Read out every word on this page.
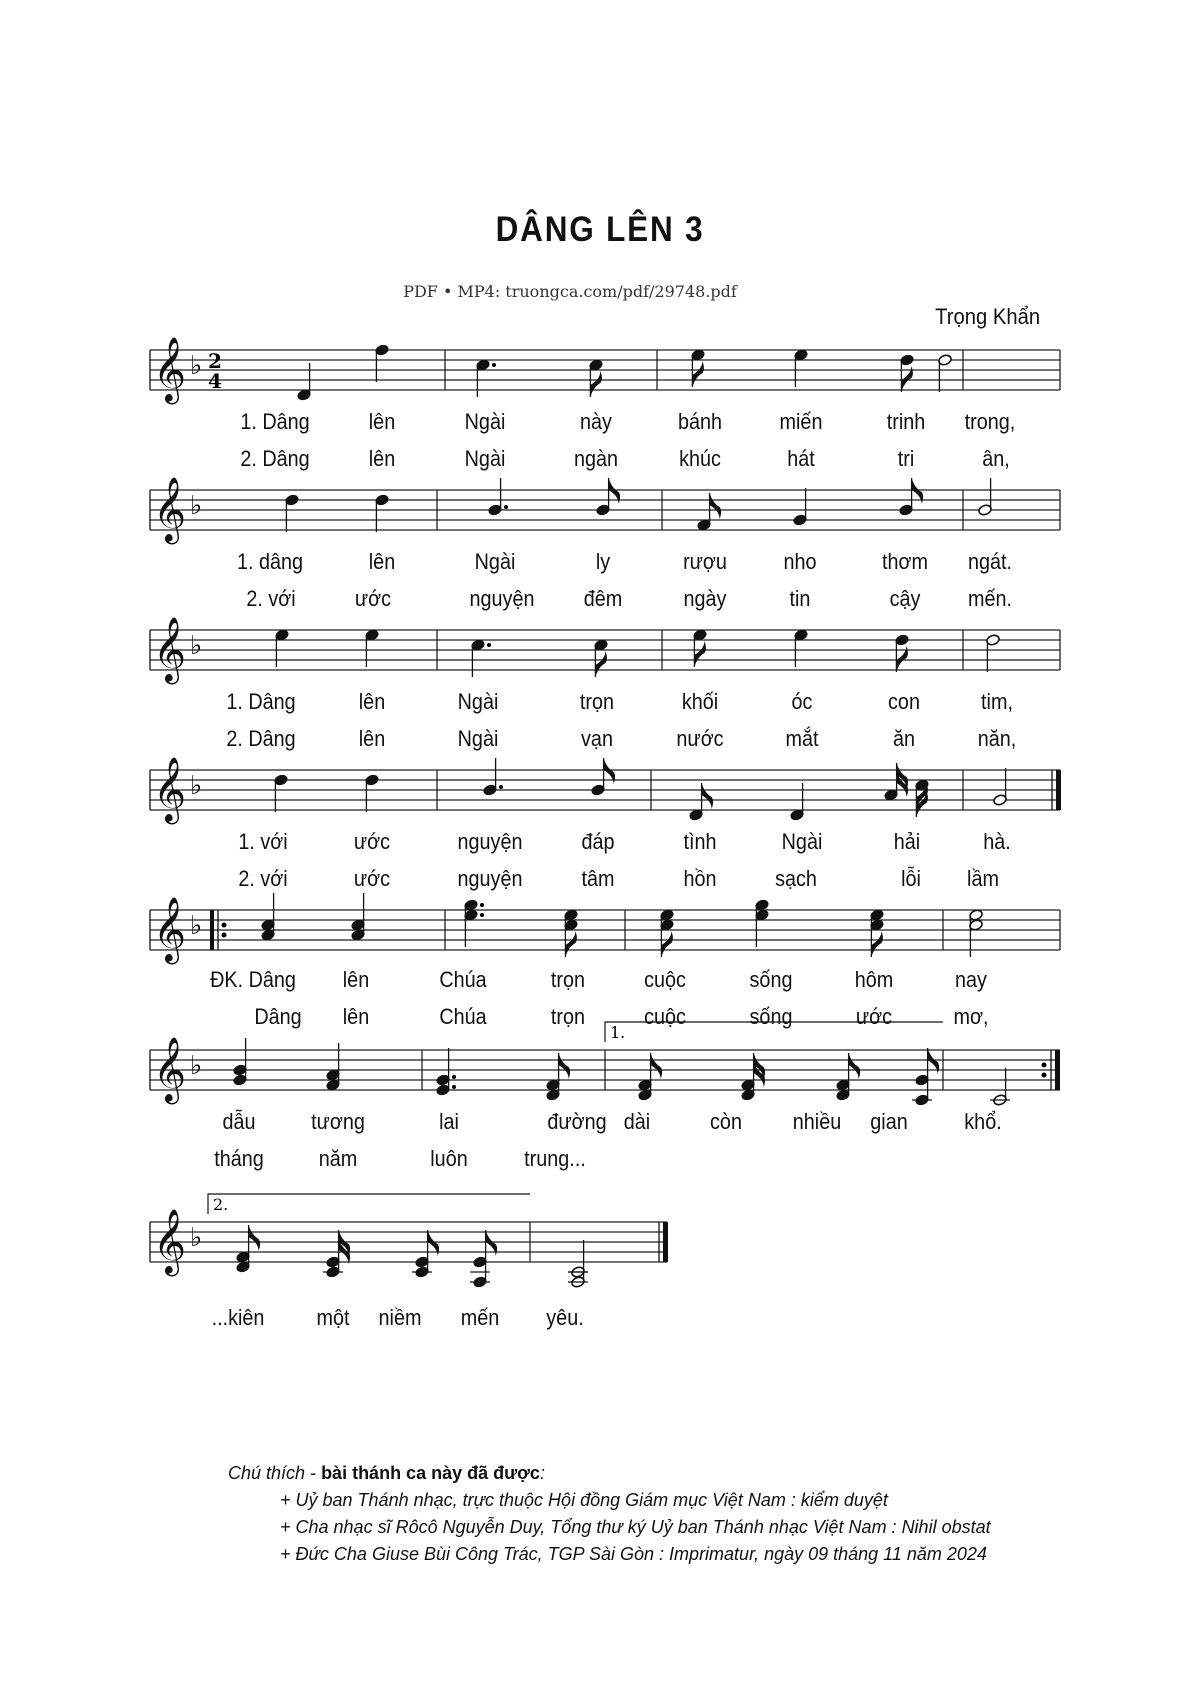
DÂNG LÊN 3
PDF • MP4: truongca.com/pdf/29748.pdf
Trọng Khẩn
𝄞 ♭ 2
4
𝄞 ♭
𝄞 ♭
𝄞 ♭
𝄞 ♭
𝄞 ♭
1.
𝄞 ♭
2.
1. Dâng	lên	Ngài	này	bánh	miến	trinh trong,
2. Dâng	lên	Ngài	ngàn	khúc	hát	tri	ân,
1. dâng	lên	Ngài	ly	rượu	nho	thơm ngát.
2. với	ước	nguyện đêm	ngày	tin	cậy mến.
1. Dâng	lên	Ngài	trọn	khối	óc	con	tim,
2. Dâng	lên	Ngài	vạn	nước	mắt	ăn	năn,
1. với	ước	nguyện	đáp	tình	Ngài	hải	hà.
2. với	ước	nguyện	tâm	hồn	sạch	lỗi lầm
ĐK. Dâng lên	Chúa	trọn	cuộc	sống	hôm	nay
Dâng lên	Chúa	trọn	cuộc	sống	ước	mơ,
dẫu	tương	lai	đường dài	còn nhiều gian	khổ.
tháng năm	luôn	trung...
...kiên một niềm mến yêu.
Chú thích - bài thánh ca này đã được:
+ Uỷ ban Thánh nhạc, trực thuộc Hội đồng Giám mục Việt Nam : kiểm duyệt
+ Cha nhạc sĩ Rôcô Nguyễn Duy, Tổng thư ký Uỷ ban Thánh nhạc Việt Nam : Nihil obstat
+ Đức Cha Giuse Bùi Công Trác, TGP Sài Gòn : Imprimatur, ngày 09 tháng 11 năm 2024
